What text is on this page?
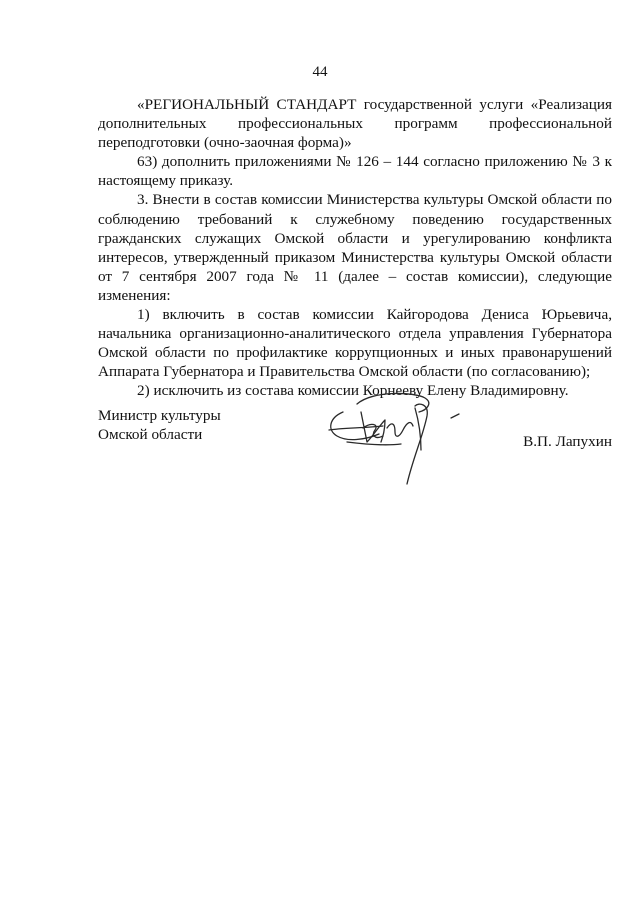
44

«РЕГИОНАЛЬНЫЙ СТАНДАРТ государственной услуги «Реализация дополнительных профессиональных программ профессиональной переподготовки (очно-заочная форма)»

63) дополнить приложениями № 126 – 144 согласно приложению № 3 к настоящему приказу.

3. Внести в состав комиссии Министерства культуры Омской области по соблюдению требований к служебному поведению государственных гражданских служащих Омской области и урегулированию конфликта интересов, утвержденный приказом Министерства культуры Омской области от 7 сентября 2007 года № 11 (далее – состав комиссии), следующие изменения:

1) включить в состав комиссии Кайгородова Дениса Юрьевича, начальника организационно-аналитического отдела управления Губернатора Омской области по профилактике коррупционных и иных правонарушений Аппарата Губернатора и Правительства Омской области (по согласованию);

2) исключить из состава комиссии Корнееву Елену Владимировну.

Министр культуры
Омской области	В.П. Лапухин
